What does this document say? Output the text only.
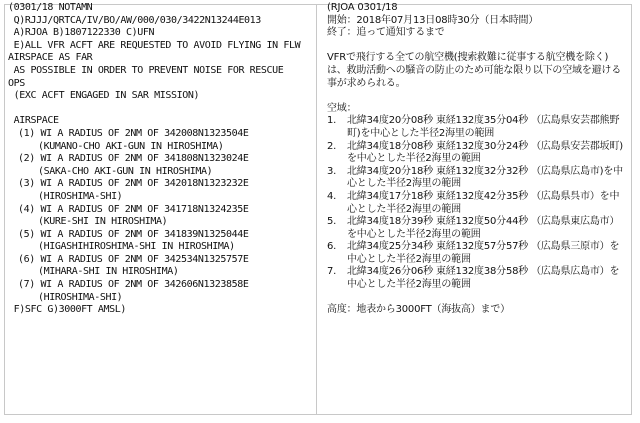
(0301/18 NOTAMN
Q)RJJJ/QRTCA/IV/BO/AW/000/030/3422N13244E013
A)RJOA B)1807122330 C)UFN
E)ALL VFR ACFT ARE REQUESTED TO AVOID FLYING IN FLW
AIRSPACE AS FAR
AS POSSIBLE IN ORDER TO PREVENT NOISE FOR RESCUE
OPS
(EXC ACFT ENGAGED IN SAR MISSION)
AIRSPACE
(1) WI A RADIUS OF 2NM OF 342008N1323504E
(KUMANO-CHO AKI-GUN IN HIROSHIMA)
(2) WI A RADIUS OF 2NM OF 341808N1323024E
(SAKA-CHO AKI-GUN IN HIROSHIMA)
(3) WI A RADIUS OF 2NM OF 342018N1323232E
(HIROSHIMA-SHI)
(4) WI A RADIUS OF 2NM OF 341718N1324235E
(KURE-SHI IN HIROSHIMA)
(5) WI A RADIUS OF 2NM OF 341839N1325044E
(HIGASHIHIROSHIMA-SHI IN HIROSHIMA)
(6) WI A RADIUS OF 2NM OF 342534N1325757E
(MIHARA-SHI IN HIROSHIMA)
(7) WI A RADIUS OF 2NM OF 342606N1323858E
(HIROSHIMA-SHI)
F)SFC G)3000FT AMSL)
(RJOA 0301/18
開始：2018年07月13日08時30分（日本時間）
終了：追って通知するまで
VFRで飛行する全ての航空機(捜索救難に従事する航空機を除く)は、救助活動への騒音の防止のため可能な限り以下の空域を避ける事が求められる。
空域：
1.	北緯34度20分08秒 東経132度35分04秒 （広島県安芸郡熊野町)を中心とした半径2海里の範囲
2.	北緯34度18分08秒 東経132度30分24秒 （広島県安芸郡坂町)を中心とした半径2海里の範囲
3.	北緯34度20分18秒 東経132度32分32秒 （広島県広島市)を中心とした半径2海里の範囲
4.	北緯34度17分18秒 東経132度42分35秒 （広島県呉市）を中心とした半径2海里の範囲
5.	北緯34度18分39秒 東経132度50分44秒 （広島県東広島市）を中心とした半径2海里の範囲
6.	北緯34度25分34秒 東経132度57分57秒 （広島県三原市）を中心とした半径2海里の範囲
7.	北緯34度26分06秒 東経132度38分58秒 （広島県広島市）を中心とした半径2海里の範囲
高度：地表から3000FT（海抜高）まで）
